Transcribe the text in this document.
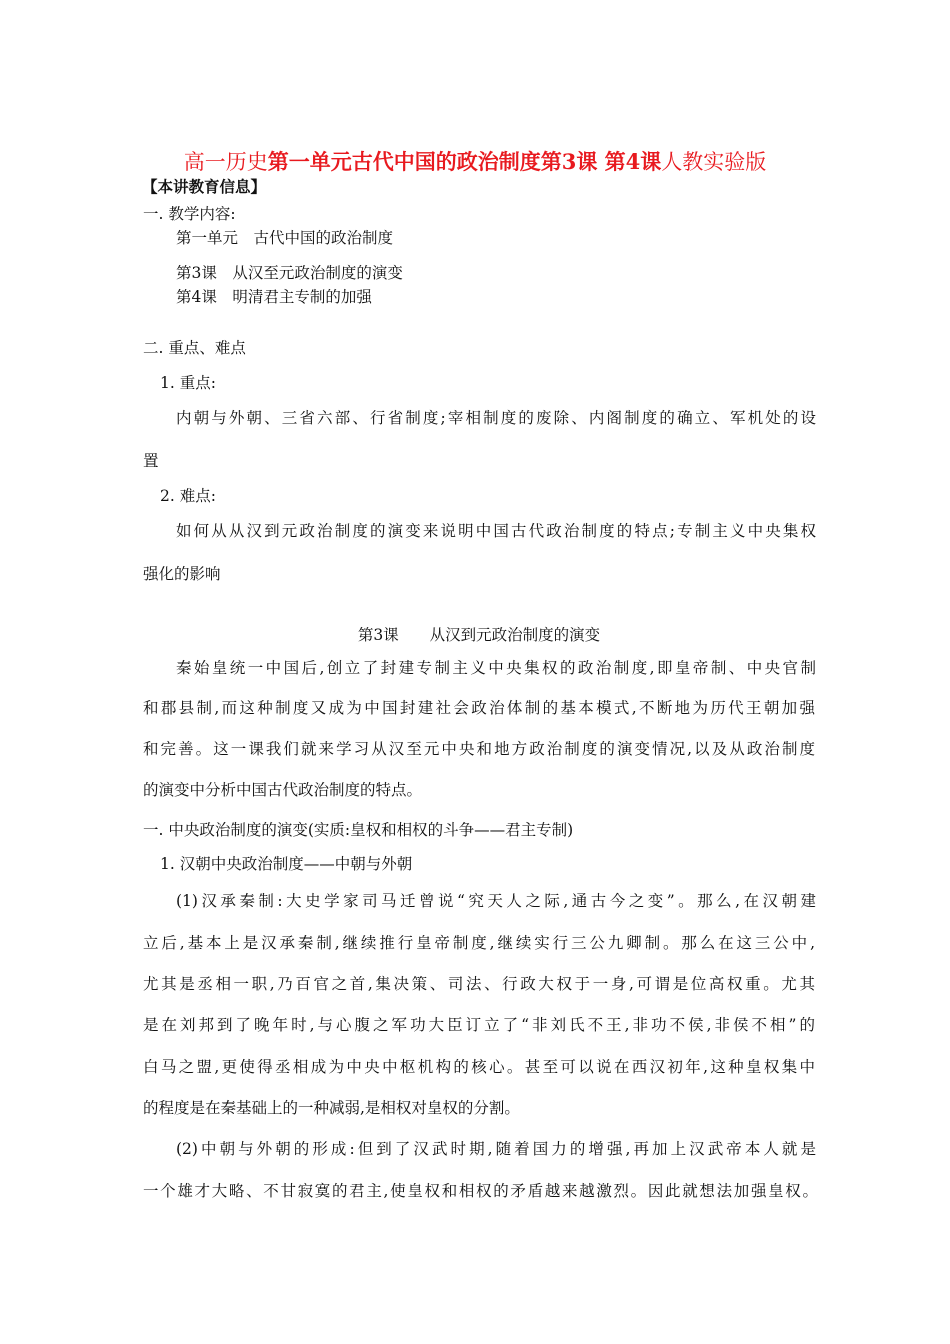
高一历史第一单元古代中国的政治制度第3课 第4课人教实验版
【本讲教育信息】
一. 教学内容:
第一单元　古代中国的政治制度
第3课　从汉至元政治制度的演变
第4课　明清君主专制的加强
二. 重点、难点
1. 重点:
内朝与外朝、三省六部、行省制度;宰相制度的废除、内阁制度的确立、军机处的设
置
2. 难点:
如何从从汉到元政治制度的演变来说明中国古代政治制度的特点;专制主义中央集权
强化的影响
第3课　　从汉到元政治制度的演变
秦始皇统一中国后,创立了封建专制主义中央集权的政治制度,即皇帝制、中央官制
和郡县制,而这种制度又成为中国封建社会政治体制的基本模式,不断地为历代王朝加强
和完善。这一课我们就来学习从汉至元中央和地方政治制度的演变情况,以及从政治制度
的演变中分析中国古代政治制度的特点。
一. 中央政治制度的演变(实质:皇权和相权的斗争——君主专制)
1. 汉朝中央政治制度——中朝与外朝
(1)汉承秦制:大史学家司马迁曾说“究天人之际,通古今之变”。那么,在汉朝建
立后,基本上是汉承秦制,继续推行皇帝制度,继续实行三公九卿制。那么在这三公中,
尤其是丞相一职,乃百官之首,集决策、司法、行政大权于一身,可谓是位高权重。尤其
是在刘邦到了晚年时,与心腹之军功大臣订立了“非刘氏不王,非功不侯,非侯不相”的
白马之盟,更使得丞相成为中央中枢机构的核心。甚至可以说在西汉初年,这种皇权集中
的程度是在秦基础上的一种减弱,是相权对皇权的分割。
(2)中朝与外朝的形成:但到了汉武时期,随着国力的增强,再加上汉武帝本人就是
一个雄才大略、不甘寂寞的君主,使皇权和相权的矛盾越来越激烈。因此就想法加强皇权。
